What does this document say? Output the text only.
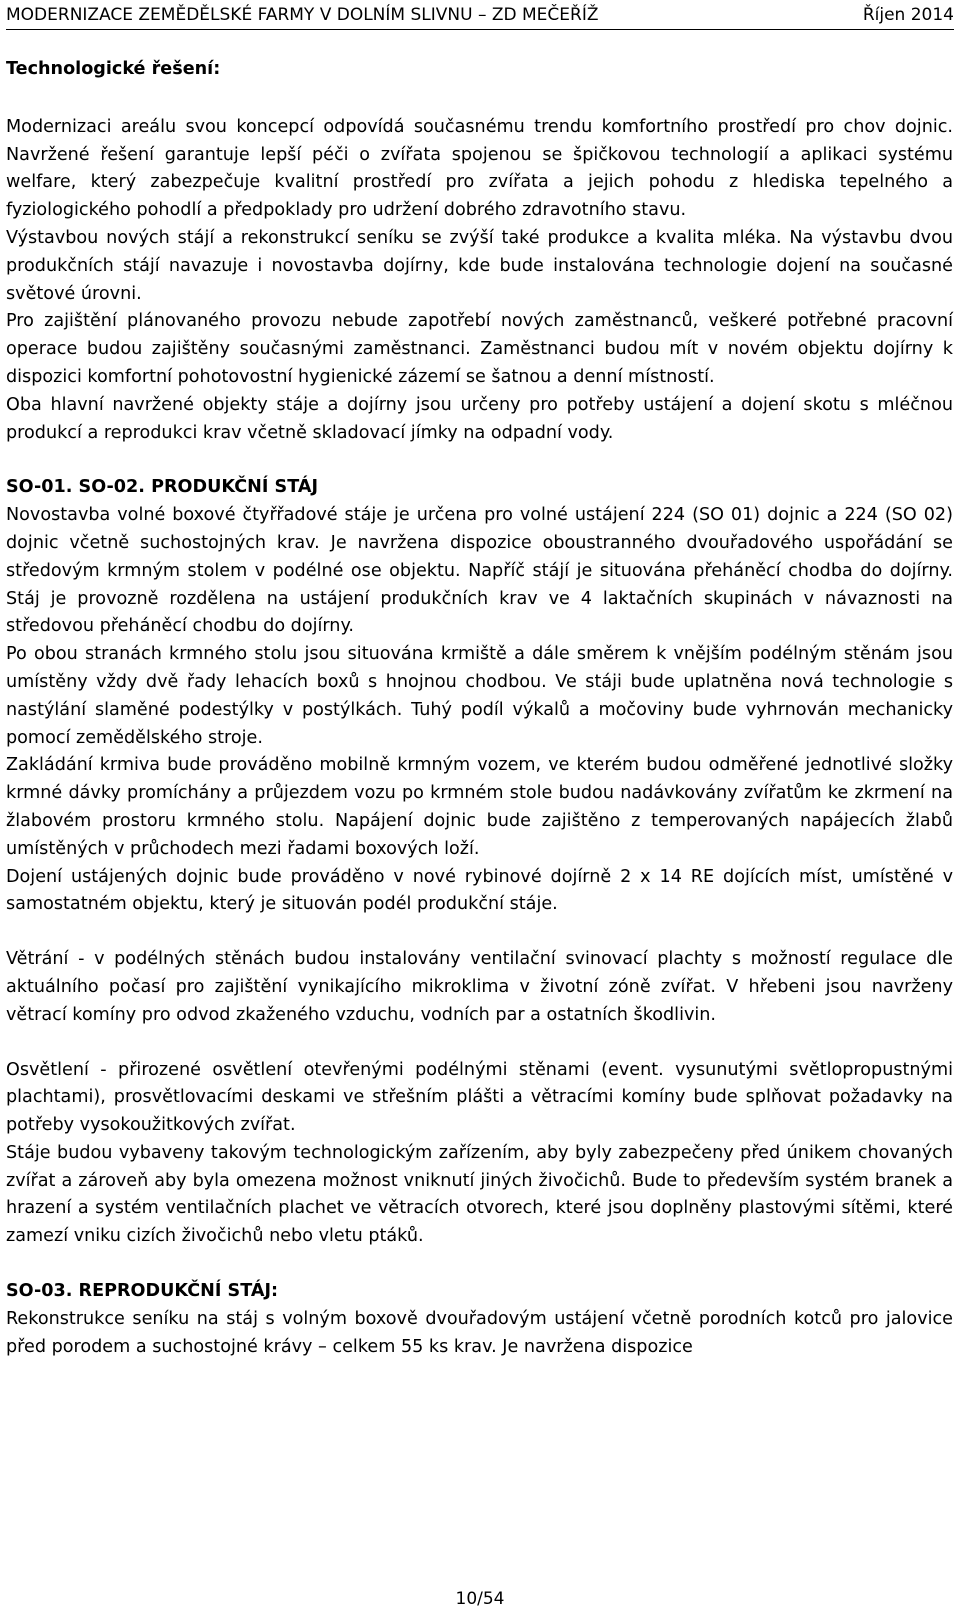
MODERNIZACE ZEMĚDĚLSKÉ FARMY V DOLNÍM SLIVNU – ZD MEČEŘÍŽ	Říjen 2014

Technologické řešení:

Modernizaci areálu svou koncepcí odpovídá současnému trendu komfortního prostředí pro chov dojnic. Navržené řešení garantuje lepší péči o zvířata spojenou se špičkovou technologií a aplikaci systému welfare, který zabezpečuje kvalitní prostředí pro zvířata a jejich pohodu z hlediska tepelného a fyziologického pohodlí a předpoklady pro udržení dobrého zdravotního stavu.

Výstavbou nových stájí a rekonstrukcí seníku se zvýší také produkce a kvalita mléka. Na výstavbu dvou produkčních stájí navazuje i novostavba dojírny, kde bude instalována technologie dojení na současné světové úrovni.

Pro zajištění plánovaného provozu nebude zapotřebí nových zaměstnanců, veškeré potřebné pracovní operace budou zajištěny současnými zaměstnanci. Zaměstnanci budou mít v novém objektu dojírny k dispozici komfortní pohotovostní hygienické zázemí se šatnou a denní místností.

Oba hlavní navržené objekty stáje a dojírny jsou určeny pro potřeby ustájení a dojení skotu s mléčnou produkcí a reprodukci krav včetně skladovací jímky na odpadní vody.

SO-01. SO-02. PRODUKČNÍ STÁJ

Novostavba volné boxové čtyřřadové stáje je určena pro volné ustájení 224 (SO 01) dojnic a 224 (SO 02) dojnic včetně suchostojných krav. Je navržena dispozice oboustranného dvouřadového uspořádání se středovým krmným stolem v podélné ose objektu. Napříč stájí je situována přeháněcí chodba do dojírny. Stáj je provozně rozdělena na ustájení produkčních krav ve 4 laktačních skupinách v návaznosti na středovou přeháněcí chodbu do dojírny.

Po obou stranách krmného stolu jsou situována krmiště a dále směrem k vnějším podélným stěnám jsou umístěny vždy dvě řady lehacích boxů s hnojnou chodbou. Ve stáji bude uplatněna nová technologie s nastýlání slaměné podestýlky v postýlkách. Tuhý podíl výkalů a močoviny bude vyhrnován mechanicky pomocí zemědělského stroje.

Zakládání krmiva bude prováděno mobilně krmným vozem, ve kterém budou odměřené jednotlivé složky krmné dávky promíchány a průjezdem vozu po krmném stole budou nadávkovány zvířatům ke zkrmení na žlabovém prostoru krmného stolu. Napájení dojnic bude zajištěno z temperovaných napájecích žlabů umístěných v průchodech mezi řadami boxových loží.

Dojení ustájených dojnic bude prováděno v nové rybinové dojírně 2 x 14 RE dojících míst, umístěné v samostatném objektu, který je situován podél produkční stáje.

Větrání - v podélných stěnách budou instalovány ventilační svinovací plachty s možností regulace dle aktuálního počasí pro zajištění vynikajícího mikroklima v životní zóně zvířat. V hřebeni jsou navrženy větrací komíny pro odvod zkaženého vzduchu, vodních par a ostatních škodlivin.

Osvětlení - přirozené osvětlení otevřenými podélnými stěnami (event. vysunutými světlopropustnými plachtami), prosvětlovacími deskami ve střešním plášti a větracími komíny bude splňovat požadavky na potřeby vysokoužitkových zvířat.

Stáje budou vybaveny takovým technologickým zařízením, aby byly zabezpečeny před únikem chovaných zvířat a zároveň aby byla omezena možnost vniknutí jiných živočichů. Bude to především systém branek a hrazení a systém ventilačních plachet ve větracích otvorech, které jsou doplněny plastovými sítěmi, které zamezí vniku cizích živočichů nebo vletu ptáků.

SO-03. REPRODUKČNÍ STÁJ:

Rekonstrukce seníku na stáj s volným boxově dvouřadovým ustájení včetně porodních kotců pro jalovice před porodem a suchostojné krávy – celkem 55 ks krav. Je navržena dispozice

10/54
